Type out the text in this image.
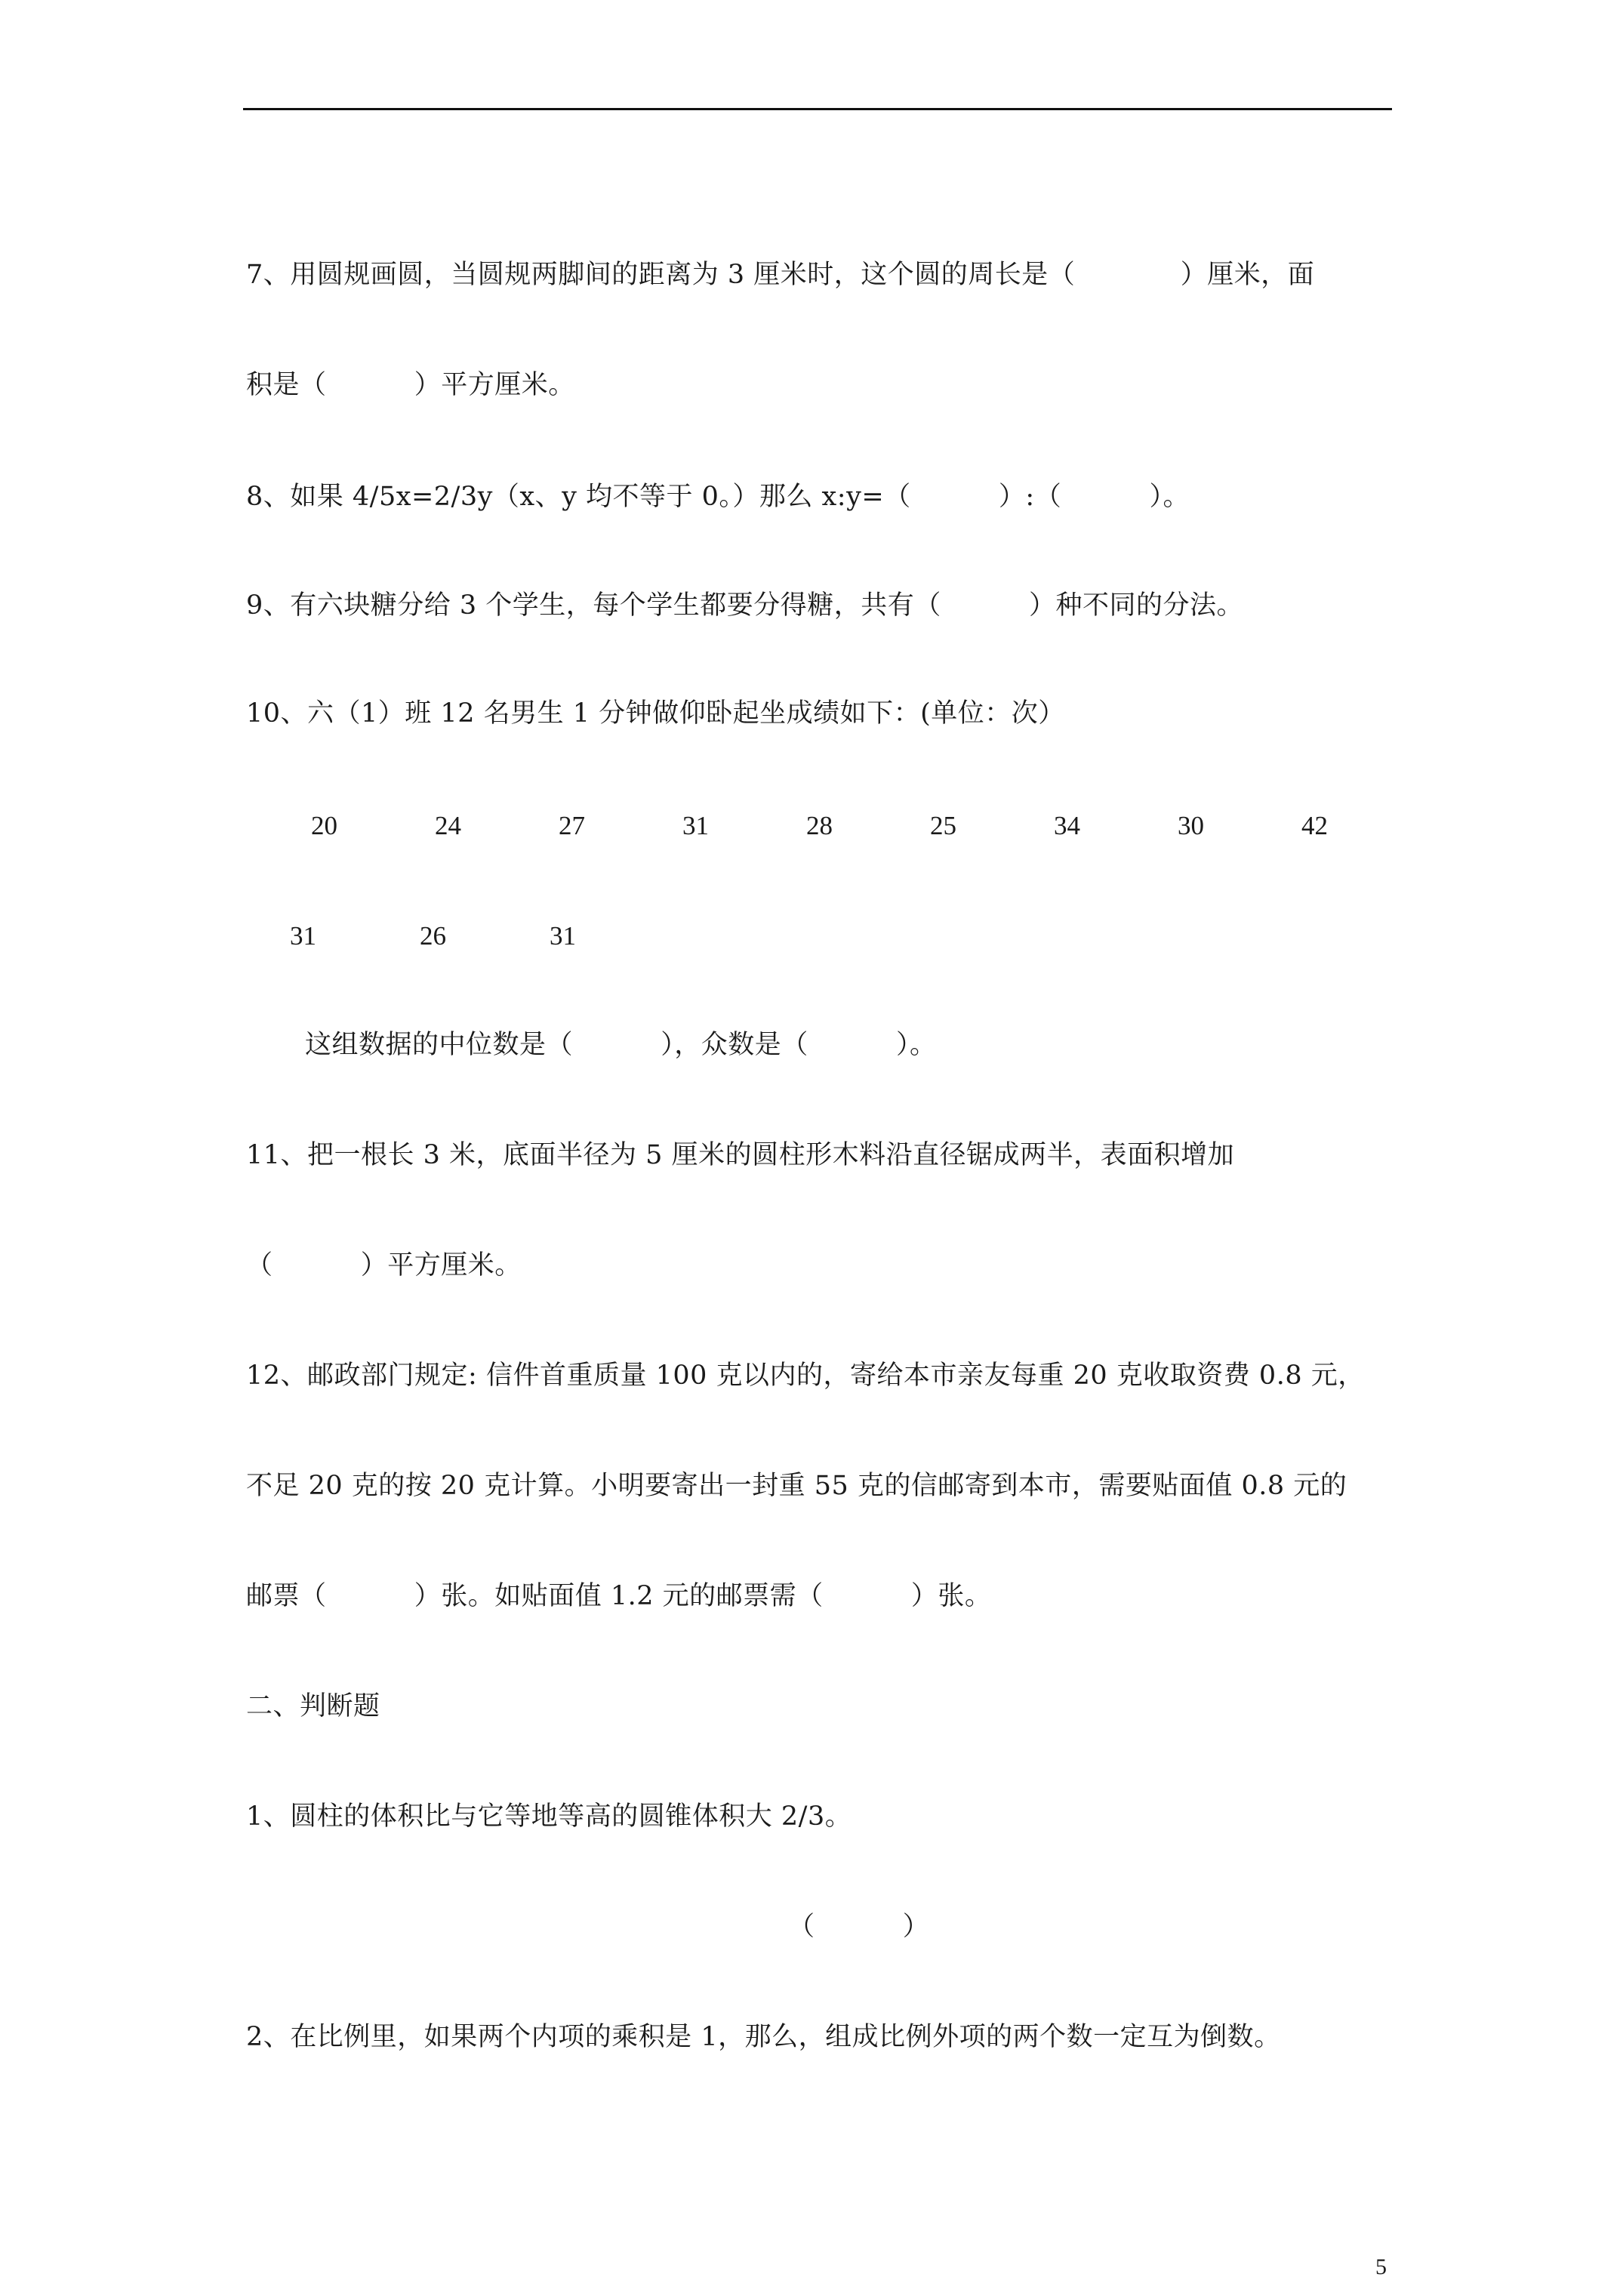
7、用圆规画圆，当圆规两脚间的距离为 3 厘米时，这个圆的周长是（            ）厘米，面
积是（          ）平方厘米。
8、如果 4/5x=2/3y（x、y 均不等于 0。）那么 x:y=（          ）:（          ）。
9、有六块糖分给 3 个学生，每个学生都要分得糖，共有（          ）种不同的分法。
10、六（1）班 12 名男生 1 分钟做仰卧起坐成绩如下：(单位：次）
20	24	27	31	28	25	34	30	42
31	26	31
这组数据的中位数是（          ），众数是（          ）。
11、把一根长 3 米，底面半径为 5 厘米的圆柱形木料沿直径锯成两半，表面积增加
（          ）平方厘米。
12、邮政部门规定: 信件首重质量 100 克以内的，寄给本市亲友每重 20 克收取资费 0.8 元，
不足 20 克的按 20 克计算。小明要寄出一封重 55 克的信邮寄到本市，需要贴面值 0.8 元的
邮票（          ）张。如贴面值 1.2 元的邮票需（          ）张。
二、判断题
1、圆柱的体积比与它等地等高的圆锥体积大 2/3。
（          ）
2、在比例里，如果两个内项的乘积是 1，那么，组成比例外项的两个数一定互为倒数。
5
